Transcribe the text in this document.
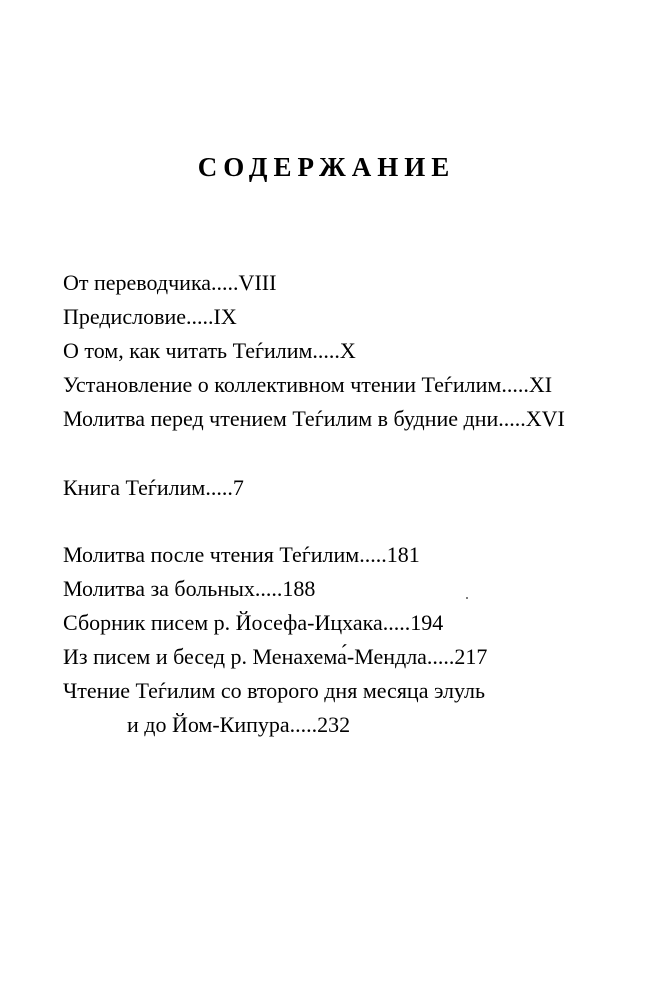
СОДЕРЖАНИЕ
От переводчика.....VIII
Предисловие.....IX
О том, как читать Теѓилим.....X
Установление о коллективном чтении Теѓилим.....XI
Молитва перед чтением Теѓилим в будние дни.....XVI
Книга Теѓилим.....7
Молитва после чтения Теѓилим.....181
Молитва за больных.....188
Сборник писем р. Йосефа-Ицхака.....194
Из писем и бесед р. Менахема́-Мендла.....217
Чтение Теѓилим со второго дня месяца элуль
и до Йом-Кипура.....232
